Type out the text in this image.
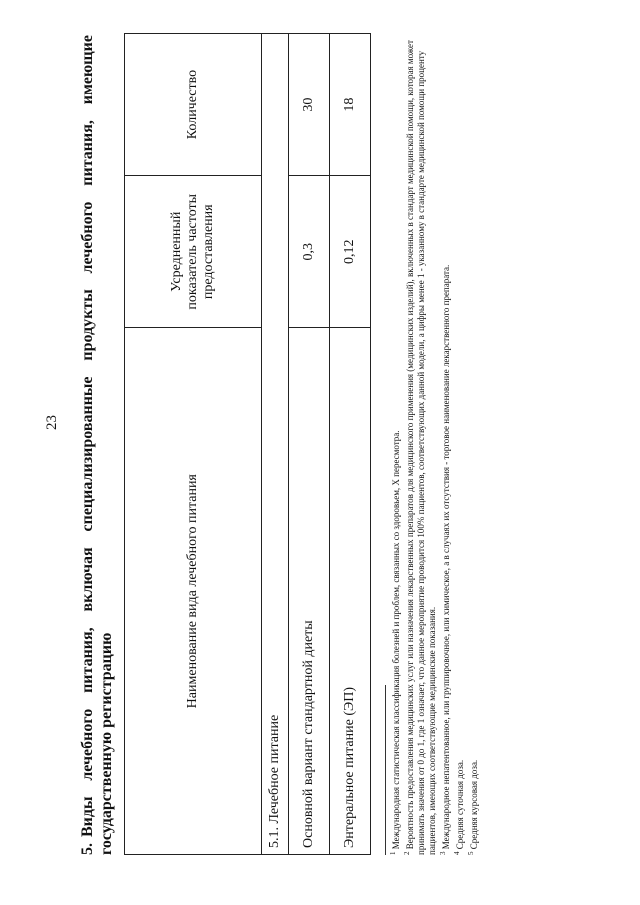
23

5.Виды лечебного питания, включая специализированные продукты лечебного питания, имеющие государственную регистрацию

Наименование вида лечебного питания	Усредненный показатель частоты предоставления	Количество
5.1. Лечебное питание		
Основной вариант стандартной диеты	0,3	30
Энтеральное питание (ЭП)	0,12	18

$^1$ Международная статистическая классификация болезней и проблем, связанных со здоровьем, X пересмотра.

$^2$ Вероятность предоставления медицинских услуг или назначения лекарственных препаратов для медицинского применения (медицинских изделий), включенных в стандарт медицинской помощи, которая может принимать значения от 0 до 1, где 1 означает, что данное мероприятие проводится 100% пациентов, соответствующих данной модели, а цифры менее 1 - указанному в стандарте медицинской помощи проценту пациентов, имеющих соответствующие медицинские показания. $^3$ Международное непатентованное, или группировочное, или химическое, а в случаях их отсутствия - торговое наименование лекарственного препарата.

$^4$ Средняя суточная доза.

$^5$ Средняя курсовая доза.
